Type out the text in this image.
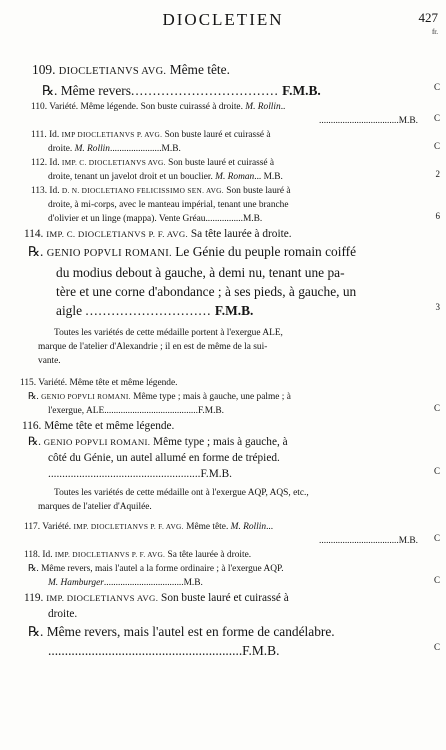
DIOCLETIEN	427
fr.
109. DIOCLETIANVS AVG. Même tête.
℞. Même revers.................................. F.M.B.	C
110. Variété. Même légende. Son buste cuirassé à droite. M. Rollin..
..................................M.B. C
111. Id. IMP DIOCLETIANVS P. AVG. Son buste lauré et cuirassé à
droite. M. Rollin......................M.B.	C
112. Id. IMP. C. DIOCLETIANVS AVG. Son buste lauré et cuirassé à
droite, tenant un javelot droit et un bouclier. M. Roman... M.B.	2
113. Id. D. N. DIOCLETIANO FELICISSIMO SEN. AVG. Son buste lauré à
droite, à mi-corps, avec le manteau impérial, tenant une branche
d'olivier et un linge (mappa). Vente Gréau................M.B.	6
114. IMP. C. DIOCLETIANVS P. F. AVG. Sa tête laurée à droite.
℞. GENIO POPVLI ROMANI. Le Génie du peuple romain coiffé
du modius debout à gauche, à demi nu, tenant une pa-
tère et une corne d'abondance ; à ses pieds, à gauche, un
aigle ............................. F.M.B.	3
Toutes les variétés de cette médaille portent à l'exergue ALE,
marque de l'atelier d'Alexandrie ; il en est de même de la sui-
vante.
115. Variété. Même tête et même légende.
℞. GENIO POPVLI ROMANI. Même type ; mais à gauche, une palme ; à
l'exergue, ALE........................................F.M.B.	C
116. Même tête et même légende.
℞. GENIO POPVLI ROMANI. Même type ; mais à gauche, à
côté du Génie, un autel allumé en forme de trépied.
......................................................F.M.B.	C
Toutes les variétés de cette médaille ont à l'exergue AQP, AQS, etc.,
marques de l'atelier d'Aquilée.
117. Variété. IMP. DIOCLETIANVS P. F. AVG. Même tête. M. Rollin...
..................................M.B. C
118. Id. IMP. DIOCLETIANVS P. F. AVG. Sa tête laurée à droite.
℞. Même revers, mais l'autel a la forme ordinaire ; à l'exergue AQP.
M. Hamburger..................................M.B.	C
119. IMP. DIOCLETIANVS AVG. Son buste lauré et cuirassé à
droite.
℞. Même revers, mais l'autel est en forme de candélabre.
..........................................................F.M.B.	C
